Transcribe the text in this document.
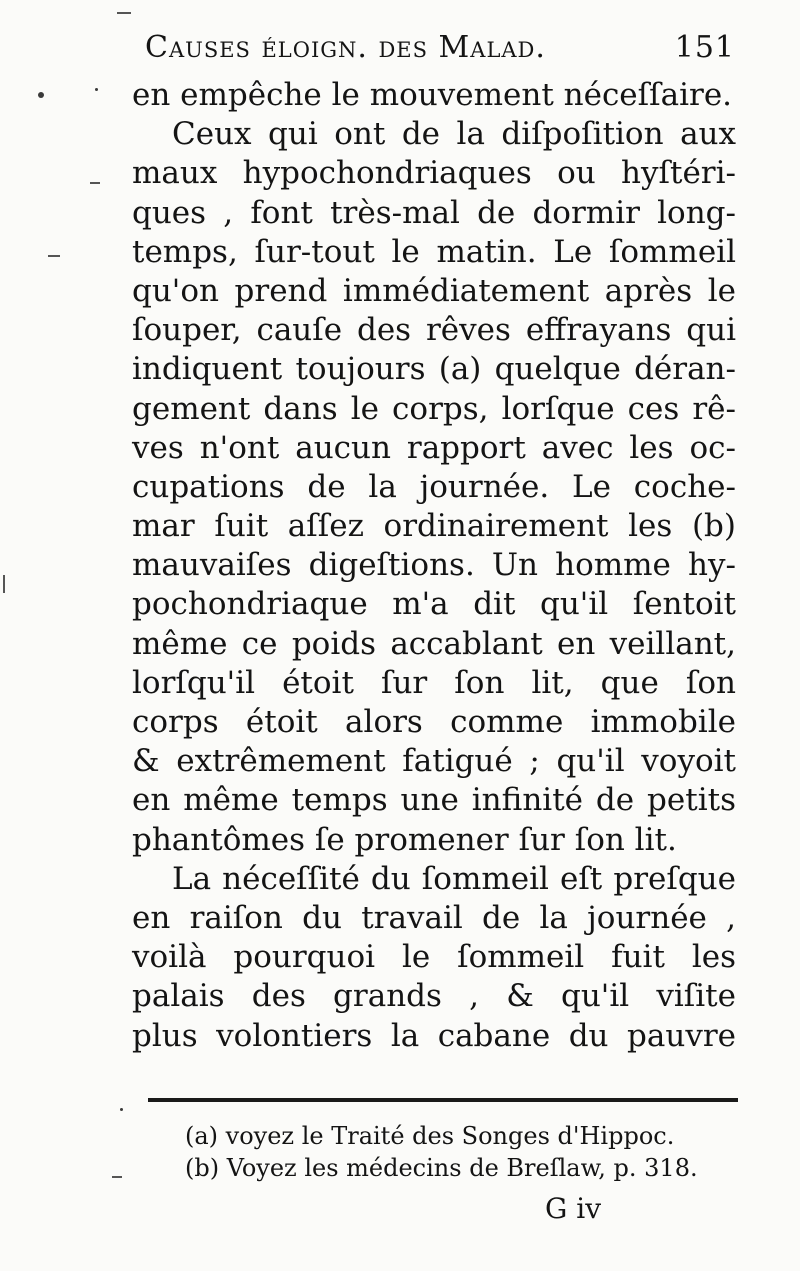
Causes éloign. des Malad.	151
en empêche le mouvement néceſſaire.
Ceux qui ont de la diſpoſition aux
maux hypochondriaques ou hyſtéri-
ques , font très-mal de dormir long-
temps, ſur-tout le matin. Le ſommeil
qu'on prend immédiatement après le
ſouper, cauſe des rêves effrayans qui
indiquent toujours (a) quelque déran-
gement dans le corps, lorſque ces rê-
ves n'ont aucun rapport avec les oc-
cupations de la journée. Le coche-
mar ſuit aſſez ordinairement les (b)
mauvaiſes digeſtions. Un homme hy-
pochondriaque m'a dit qu'il ſentoit
même ce poids accablant en veillant,
lorſqu'il étoit ſur ſon lit, que ſon
corps étoit alors comme immobile
& extrêmement fatigué ; qu'il voyoit
en même temps une infinité de petits
phantômes ſe promener ſur ſon lit.
La néceſſité du ſommeil eſt preſque
en raiſon du travail de la journée ,
voilà pourquoi le ſommeil fuit les
palais des grands , & qu'il viſite
plus volontiers la cabane du pauvre
(a) voyez le Traité des Songes d'Hippoc.
(b) Voyez les médecins de Breſlaw, p. 318.
G iv
